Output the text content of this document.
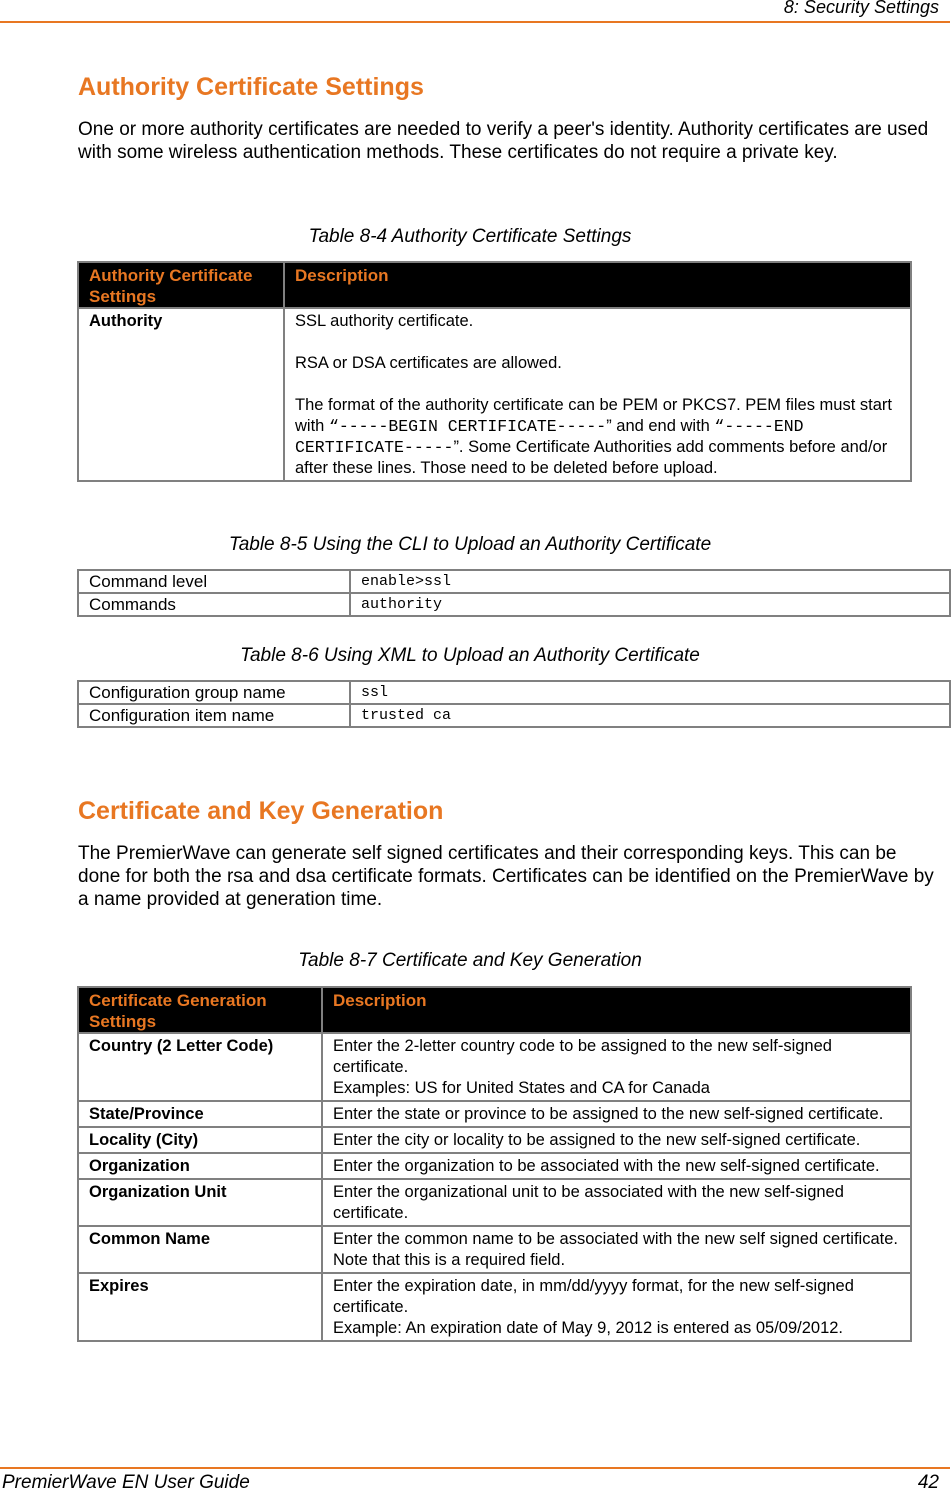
8: Security Settings
Authority Certificate Settings

One or more authority certificates are needed to verify a peer's identity. Authority certificates are used with some wireless authentication methods. These certificates do not require a private key.

Table 8-4 Authority Certificate Settings
Authority Certificate Settings	Description
Authority	SSL authority certificate.

RSA or DSA certificates are allowed.

The format of the authority certificate can be PEM or PKCS7. PEM files must start with “-----BEGIN CERTIFICATE-----” and end with “-----END CERTIFICATE-----”. Some Certificate Authorities add comments before and/or after these lines. Those need to be deleted before upload.

Table 8-5 Using the CLI to Upload an Authority Certificate
Command level	enable>ssl
Commands	authority
Table 8-6 Using XML to Upload an Authority Certificate
Configuration group name	ssl
Configuration item name	trusted ca
Certificate and Key Generation

The PremierWave can generate self signed certificates and their corresponding keys. This can be done for both the rsa and dsa certificate formats. Certificates can be identified on the PremierWave by a name provided at generation time.

Table 8-7 Certificate and Key Generation
Certificate Generation Settings	Description
Country (2 Letter Code)	Enter the 2-letter country code to be assigned to the new self-signed certificate.

Examples: US for United States and CA for Canada

State/Province	Enter the state or province to be assigned to the new self-signed certificate.

Locality (City)	Enter the city or locality to be assigned to the new self-signed certificate.

Organization	Enter the organization to be associated with the new self-signed certificate.

Organization Unit	Enter the organizational unit to be associated with the new self-signed certificate.

Common Name	Enter the common name to be associated with the new self signed certificate. Note that this is a required field.

Expires	Enter the expiration date, in mm/dd/yyyy format, for the new self-signed certificate.

Example: An expiration date of May 9, 2012 is entered as 05/09/2012.

PremierWave EN User Guide	42
